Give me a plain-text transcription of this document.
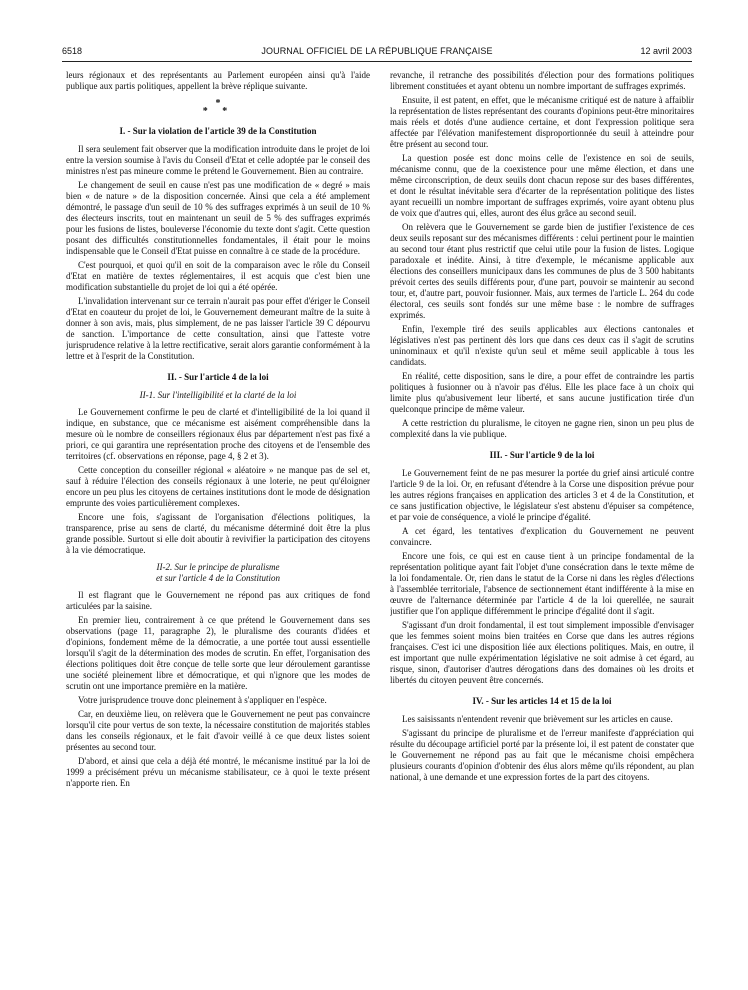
6518	JOURNAL OFFICIEL DE LA RÉPUBLIQUE FRANÇAISE	12 avril 2003

leurs régionaux et des représentants au Parlement européen ainsi qu'à l'aide publique aux partis politiques, appellent la brève réplique suivante.

*
* *

I. - Sur la violation de l'article 39 de la Constitution

Il sera seulement fait observer que la modification introduite dans le projet de loi entre la version soumise à l'avis du Conseil d'Etat et celle adoptée par le conseil des ministres n'est pas mineure comme le prétend le Gouvernement. Bien au contraire.

Le changement de seuil en cause n'est pas une modification de « degré » mais bien « de nature » de la disposition concernée. Ainsi que cela a été amplement démontré, le passage d'un seuil de 10 % des suffrages exprimés à un seuil de 10 % des électeurs inscrits, tout en maintenant un seuil de 5 % des suffrages exprimés pour les fusions de listes, bouleverse l'économie du texte dont s'agit. Cette question posant des difficultés constitutionnelles fondamentales, il était pour le moins indispensable que le Conseil d'Etat puisse en connaître à ce stade de la procédure.

C'est pourquoi, et quoi qu'il en soit de la comparaison avec le rôle du Conseil d'Etat en matière de textes réglementaires, il est acquis que c'est bien une modification substantielle du projet de loi qui a été opérée.

L'invalidation intervenant sur ce terrain n'aurait pas pour effet d'ériger le Conseil d'Etat en coauteur du projet de loi, le Gouvernement demeurant maître de la suite à donner à son avis, mais, plus simplement, de ne pas laisser l'article 39 C dépourvu de sanction. L'importance de cette consultation, ainsi que l'atteste votre jurisprudence relative à la lettre rectificative, serait alors garantie conformément à la lettre et à l'esprit de la Constitution.

II. - Sur l'article 4 de la loi

II-1. Sur l'intelligibilité et la clarté de la loi

Le Gouvernement confirme le peu de clarté et d'intelligibilité de la loi quand il indique, en substance, que ce mécanisme est aisément compréhensible dans la mesure où le nombre de conseillers régionaux élus par département n'est pas fixé a priori, ce qui garantira une représentation proche des citoyens et de l'ensemble des territoires (cf. observations en réponse, page 4, § 2 et 3).

Cette conception du conseiller régional « aléatoire » ne manque pas de sel et, sauf à réduire l'élection des conseils régionaux à une loterie, ne peut qu'éloigner encore un peu plus les citoyens de certaines institutions dont le mode de désignation emprunte des voies particulièrement complexes.

Encore une fois, s'agissant de l'organisation d'élections politiques, la transparence, prise au sens de clarté, du mécanisme déterminé doit être la plus grande possible. Surtout si elle doit aboutir à revivifier la participation des citoyens à la vie démocratique.

II-2. Sur le principe de pluralisme
et sur l'article 4 de la Constitution

Il est flagrant que le Gouvernement ne répond pas aux critiques de fond articulées par la saisine.

En premier lieu, contrairement à ce que prétend le Gouvernement dans ses observations (page 11, paragraphe 2), le pluralisme des courants d'idées et d'opinions, fondement même de la démocratie, a une portée tout aussi essentielle lorsqu'il s'agit de la détermination des modes de scrutin. En effet, l'organisation des élections politiques doit être conçue de telle sorte que leur déroulement garantisse une société pleinement libre et démocratique, et qui n'ignore que les modes de scrutin ont une importance première en la matière.

Votre jurisprudence trouve donc pleinement à s'appliquer en l'espèce.

Car, en deuxième lieu, on relèvera que le Gouvernement ne peut pas convaincre lorsqu'il cite pour vertus de son texte, la nécessaire constitution de majorités stables dans les conseils régionaux, et le fait d'avoir veillé à ce que deux listes soient présentes au second tour.

D'abord, et ainsi que cela a déjà été montré, le mécanisme institué par la loi de 1999 a précisément prévu un mécanisme stabilisateur, ce à quoi le texte présent n'apporte rien. En

revanche, il retranche des possibilités d'élection pour des formations politiques librement constituées et ayant obtenu un nombre important de suffrages exprimés.

Ensuite, il est patent, en effet, que le mécanisme critiqué est de nature à affaiblir la représentation de listes représentant des courants d'opinions peut-être minoritaires mais réels et dotés d'une audience certaine, et dont l'expression politique sera affectée par l'élévation manifestement disproportionnée du seuil à atteindre pour être présent au second tour.

La question posée est donc moins celle de l'existence en soi de seuils, mécanisme connu, que de la coexistence pour une même élection, et dans une même circonscription, de deux seuils dont chacun repose sur des bases différentes, et dont le résultat inévitable sera d'écarter de la représentation politique des listes ayant recueilli un nombre important de suffrages exprimés, voire ayant obtenu plus de voix que d'autres qui, elles, auront des élus grâce au second seuil.

On relèvera que le Gouvernement se garde bien de justifier l'existence de ces deux seuils reposant sur des mécanismes différents : celui pertinent pour le maintien au second tour étant plus restrictif que celui utile pour la fusion de listes. Logique paradoxale et inédite. Ainsi, à titre d'exemple, le mécanisme applicable aux élections des conseillers municipaux dans les communes de plus de 3 500 habitants prévoit certes des seuils différents pour, d'une part, pouvoir se maintenir au second tour, et, d'autre part, pouvoir fusionner. Mais, aux termes de l'article L. 264 du code électoral, ces seuils sont fondés sur une même base : le nombre de suffrages exprimés.

Enfin, l'exemple tiré des seuils applicables aux élections cantonales et législatives n'est pas pertinent dès lors que dans ces deux cas il s'agit de scrutins uninominaux et qu'il n'existe qu'un seul et même seuil applicable à tous les candidats.

En réalité, cette disposition, sans le dire, a pour effet de contraindre les partis politiques à fusionner ou à n'avoir pas d'élus. Elle les place face à un choix qui limite plus qu'abusivement leur liberté, et sans aucune justification tirée d'un quelconque principe de même valeur.

A cette restriction du pluralisme, le citoyen ne gagne rien, sinon un peu plus de complexité dans la vie publique.

III. - Sur l'article 9 de la loi

Le Gouvernement feint de ne pas mesurer la portée du grief ainsi articulé contre l'article 9 de la loi. Or, en refusant d'étendre à la Corse une disposition prévue pour les autres régions françaises en application des articles 3 et 4 de la Constitution, et ce sans justification objective, le législateur s'est abstenu d'épuiser sa compétence, et par voie de conséquence, a violé le principe d'égalité.

A cet égard, les tentatives d'explication du Gouvernement ne peuvent convaincre.

Encore une fois, ce qui est en cause tient à un principe fondamental de la représentation politique ayant fait l'objet d'une consécration dans le texte même de la loi fondamentale. Or, rien dans le statut de la Corse ni dans les règles d'élections à l'assemblée territoriale, l'absence de sectionnement étant indifférente à la mise en œuvre de l'alternance déterminée par l'article 4 de la loi querellée, ne saurait justifier que l'on applique différemment le principe d'égalité dont il s'agit.

S'agissant d'un droit fondamental, il est tout simplement impossible d'envisager que les femmes soient moins bien traitées en Corse que dans les autres régions françaises. C'est ici une disposition liée aux élections politiques. Mais, en outre, il est important que nulle expérimentation législative ne soit admise à cet égard, au risque, sinon, d'autoriser d'autres dérogations dans des domaines où les droits et libertés du citoyen peuvent être concernés.

IV. - Sur les articles 14 et 15 de la loi

Les saisissants n'entendent revenir que brièvement sur les articles en cause.

S'agissant du principe de pluralisme et de l'erreur manifeste d'appréciation qui résulte du découpage artificiel porté par la présente loi, il est patent de constater que le Gouvernement ne répond pas au fait que le mécanisme choisi empêchera plusieurs courants d'opinion d'obtenir des élus alors même qu'ils répondent, au plan national, à une demande et une expression fortes de la part des citoyens.
